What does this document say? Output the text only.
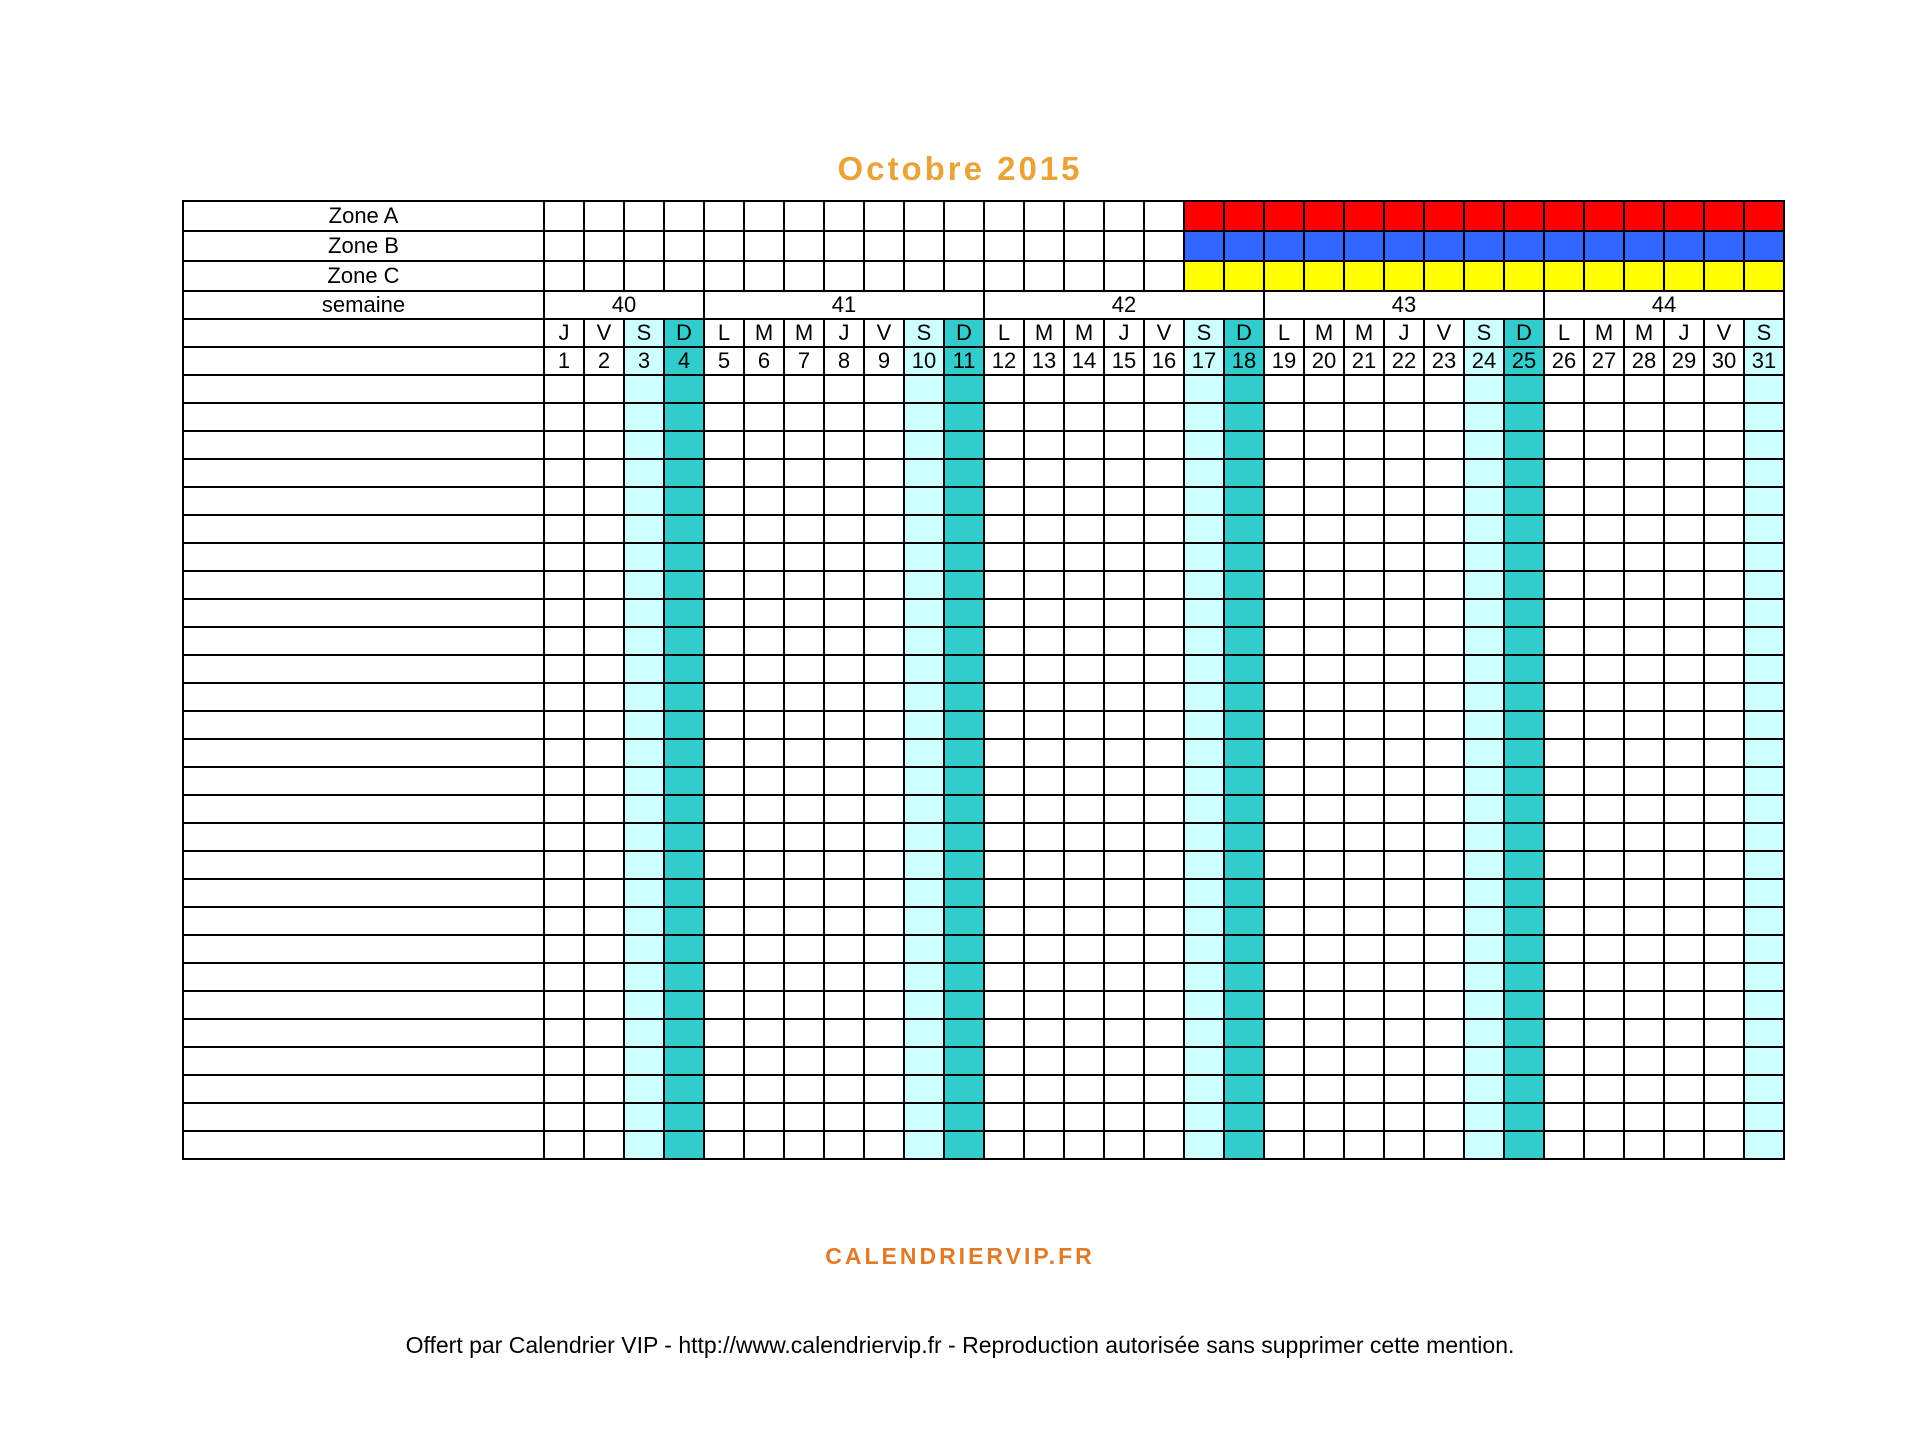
Octobre 2015
Zone A																															
Zone B																															
Zone C																															
semaine	40				41							42							43							44					
	J	V	S	D	L	M	M	J	V	S	D	L	M	M	J	V	S	D	L	M	M	J	V	S	D	L	M	M	J	V	S
	1	2	3	4	5	6	7	8	9	10	11	12	13	14	15	16	17	18	19	20	21	22	23	24	25	26	27	28	29	30	31

CALENDRIERVIP.FR
Offert par Calendrier VIP - http://www.calendriervip.fr - Reproduction autorisée sans supprimer cette mention.
